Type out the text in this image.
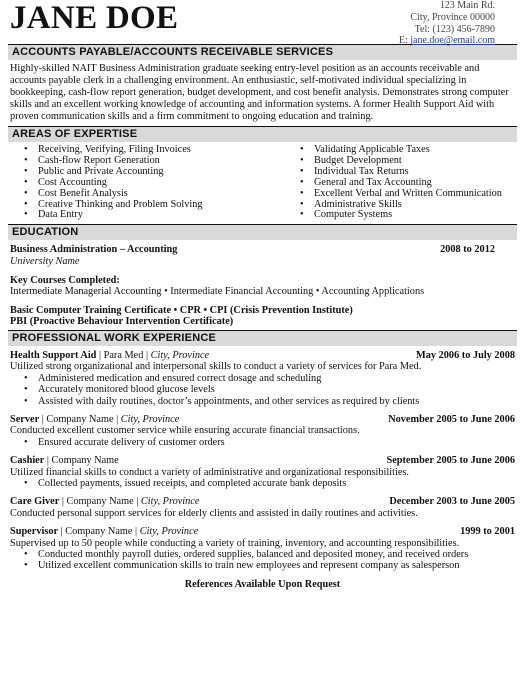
JANE DOE	123 Main Rd.
City, Province 00000
Tel: (123) 456-7890
E: jane.doe@email.com
ACCOUNTS PAYABLE/ACCOUNTS RECEIVABLE SERVICES
Highly-skilled NAIT Business Administration graduate seeking entry-level position as an accounts receivable and accounts payable clerk in a challenging environment. An enthusiastic, self-motivated individual specializing in bookkeeping, cash-flow report generation, budget development, and cost benefit analysis. Demonstrates strong computer skills and an excellent working knowledge of accounting and information systems. A former Health Support Aid with proven communication skills and a firm commitment to ongoing education and training.
AREAS OF EXPERTISE
• Receiving, Verifying, Filing Invoices
• Cash-flow Report Generation
• Public and Private Accounting
• Cost Accounting
• Cost Benefit Analysis
• Creative Thinking and Problem Solving
• Data Entry
• Validating Applicable Taxes
• Budget Development
• Individual Tax Returns
• General and Tax Accounting
• Excellent Verbal and Written Communication
• Administrative Skills
• Computer Systems
EDUCATION
Business Administration – Accounting	2008 to 2012
University Name
Key Courses Completed:
Intermediate Managerial Accounting • Intermediate Financial Accounting • Accounting Applications
Basic Computer Training Certificate • CPR • CPI (Crisis Prevention Institute)
PBI (Proactive Behaviour Intervention Certificate)
PROFESSIONAL WORK EXPERIENCE
Health Support Aid | Para Med | City, Province	May 2006 to July 2008
Utilized strong organizational and interpersonal skills to conduct a variety of services for Para Med.
• Administered medication and ensured correct dosage and scheduling
• Accurately monitored blood glucose levels
• Assisted with daily routines, doctor’s appointments, and other services as required by clients
Server | Company Name | City, Province	November 2005 to June 2006
Conducted excellent customer service while ensuring accurate financial transactions.
• Ensured accurate delivery of customer orders
Cashier | Company Name	September 2005 to June 2006
Utilized financial skills to conduct a variety of administrative and organizational responsibilities.
• Collected payments, issued receipts, and completed accurate bank deposits
Care Giver | Company Name | City, Province	December 2003 to June 2005
Conducted personal support services for elderly clients and assisted in daily routines and activities.
Supervisor | Company Name | City, Province	1999 to 2001
Supervised up to 50 people while conducting a variety of training, inventory, and accounting responsibilities.
• Conducted monthly payroll duties, ordered supplies, balanced and deposited money, and received orders
• Utilized excellent communication skills to train new employees and represent company as salesperson
References Available Upon Request
